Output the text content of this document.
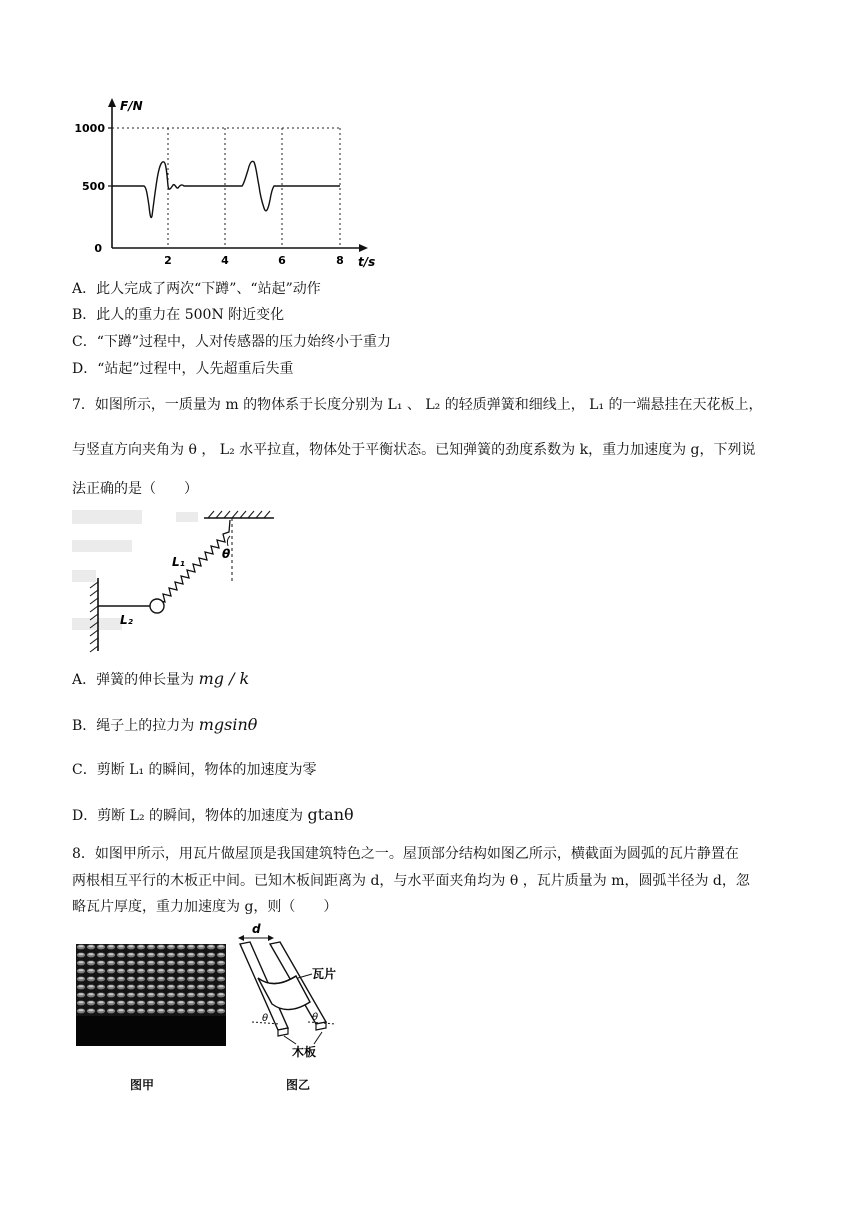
F/N
1000
500
0
2	4	6	8 t/s
A．此人完成了两次“下蹲”、“站起”动作
B．此人的重力在 500N 附近变化
C．“下蹲”过程中，人对传感器的压力始终小于重力
D．“站起”过程中，人先超重后失重
7．如图所示，一质量为 m 的物体系于长度分别为 L₁ 、 L₂ 的轻质弹簧和细线上， L₁ 的一端悬挂在天花板上，
与竖直方向夹角为 θ ， L₂ 水平拉直，物体处于平衡状态。已知弹簧的劲度系数为 k，重力加速度为 g，下列说
法正确的是（　　）
L₁
L₂
θ
A．弹簧的伸长量为 mg / k
B．绳子上的拉力为 mgsinθ
C．剪断 L₁ 的瞬间，物体的加速度为零
D．剪断 L₂ 的瞬间，物体的加速度为 gtanθ
8．如图甲所示，用瓦片做屋顶是我国建筑特色之一。屋顶部分结构如图乙所示，横截面为圆弧的瓦片静置在
两根相互平行的木板正中间。已知木板间距离为 d，与水平面夹角均为 θ ，瓦片质量为 m，圆弧半径为 d，忽
略瓦片厚度，重力加速度为 g，则（　　）
d
瓦片
θ	θ
木板
图甲	图乙
